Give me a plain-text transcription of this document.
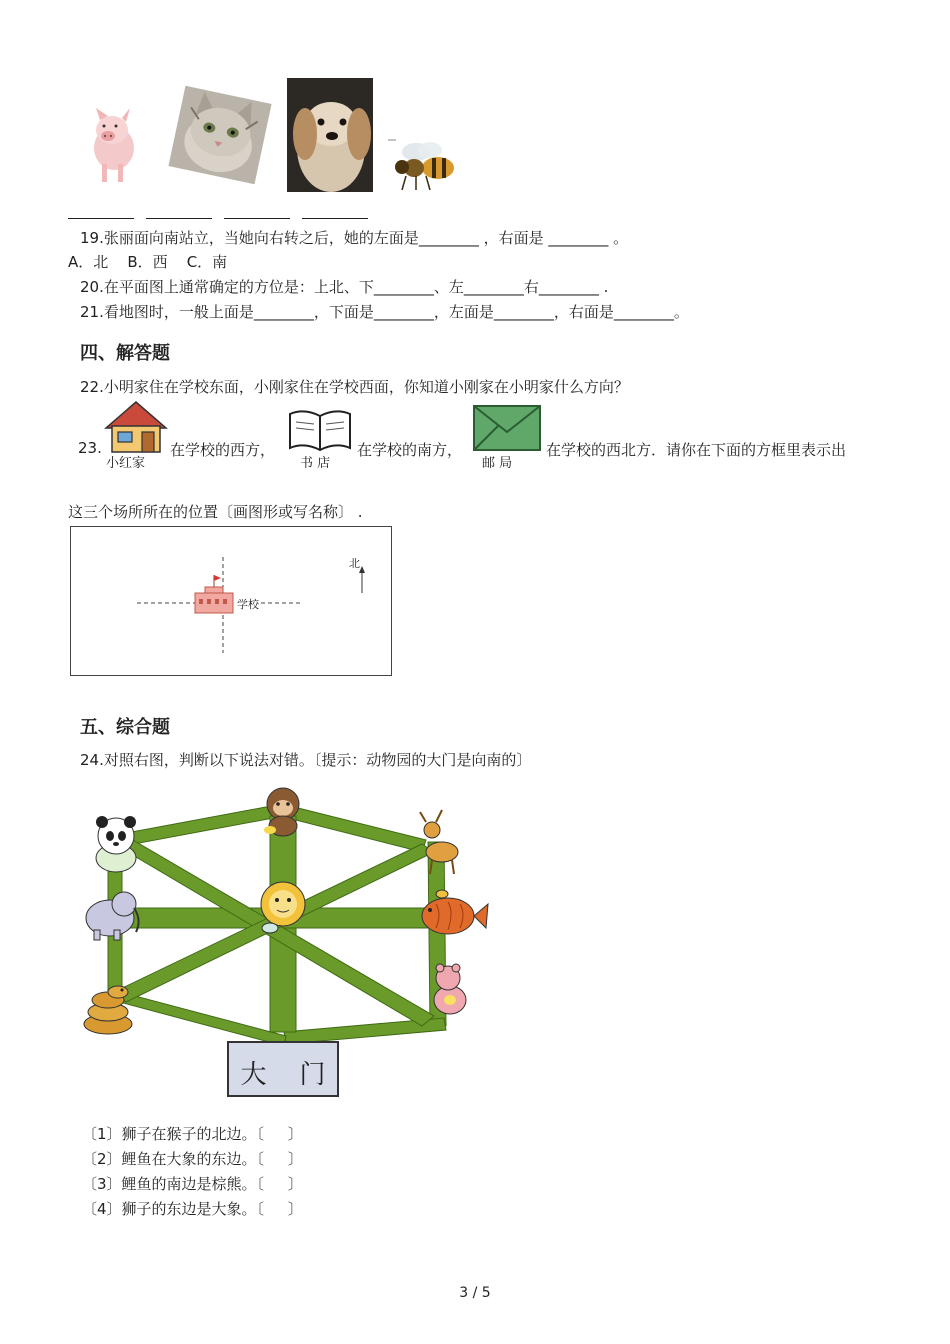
19.张丽面向南站立，当她向右转之后，她的左面是________ ，右面是 ________ 。
A．北    B．西    C．南
20.在平面图上通常确定的方位是：上北、下________、左________右________ .
21.看地图时，一般上面是________，下面是________，左面是________，右面是________。
四、解答题
22.小明家住在学校东面，小刚家住在学校西面，你知道小刚家在小明家什么方向？
23.
小红家
在学校的西方，
书 店
在学校的南方，
邮 局
在学校的西北方．请你在下面的方框里表示出
这三个场所所在的位置〔画图形或写名称〕 .
学校
北
五、综合题
24.对照右图，判断以下说法对错。〔提示：动物园的大门是向南的〕
大    门
〔1〕狮子在猴子的北边。〔     〕
〔2〕鲤鱼在大象的东边。〔     〕
〔3〕鲤鱼的南边是棕熊。〔     〕
〔4〕狮子的东边是大象。〔     〕
3 / 5
